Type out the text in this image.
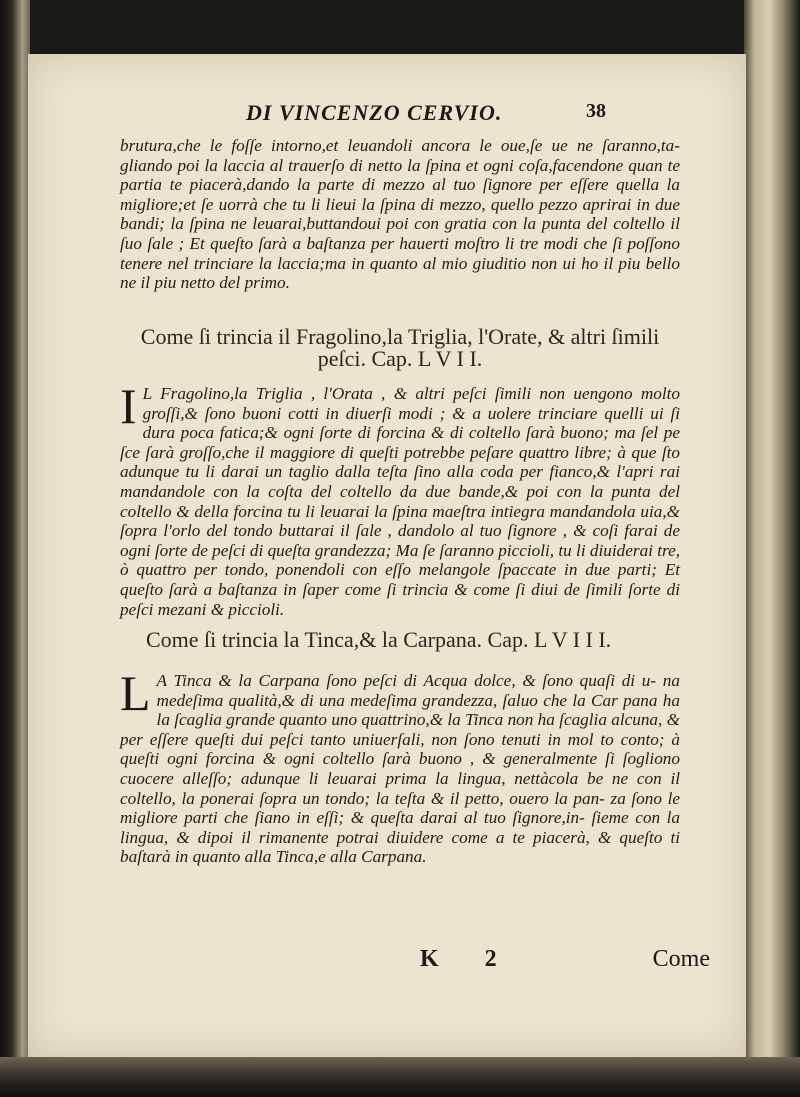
DI VINCENZO CERVIO.	38
brutura,che le foſſe intorno,et leuandoli ancora le oue,ſe ue ne ſaranno,ta- gliando poi la laccia al trauerſo di netto la ſpina et ogni coſa,facendone quan te partia te piacerà,dando la parte di mezzo al tuo ſignore per eſſere quella la migliore;et ſe uorrà che tu li lieui la ſpina di mezzo, quello pezzo aprirai in due bandi; la ſpina ne leuarai,buttandoui poi con gratia con la punta del coltello il ſuo ſale ; Et queſto ſarà a baſtanza per hauerti moſtro li tre modi che ſi poſſono tenere nel trinciare la laccia;ma in quanto al mio giuditio non ui ho il piu bello ne il piu netto del primo.
Come ſi trincia il Fragolino,la Triglia, l'Orate, & altri ſimili
peſci. Cap. L V I I.
I L Fragolino,la Triglia , l'Orata , & altri peſci ſimili non uengono molto groſſi,& ſono buoni cotti in diuerſi modi ; & a uolere trinciare quelli ui ſi dura poca fatica;& ogni ſorte di forcina & di coltello ſarà buono; ma ſel pe ſce ſarà groſſo,che il maggiore di queſti potrebbe peſare quattro libre; à que ſto adunque tu li darai un taglio dalla teſta ſino alla coda per fianco,& l'apri rai mandandole con la coſta del coltello da due bande,& poi con la punta del coltello & della forcina tu li leuarai la ſpina maeſtra intiegra mandandola uia,& ſopra l'orlo del tondo buttarai il ſale , dandolo al tuo ſignore , & coſi farai de ogni ſorte de peſci di queſta grandezza; Ma ſe ſaranno piccioli, tu li diuiderai tre, ò quattro per tondo, ponendoli con eſſo melangole ſpaccate in due parti; Et queſto ſarà a baſtanza in ſaper come ſi trincia & come ſi diui de ſimili ſorte di peſci mezani & piccioli.
Come ſi trincia la Tinca,& la Carpana. Cap. L V I I I.
L A Tinca & la Carpana ſono peſci di Acqua dolce, & ſono quaſi di u- na medeſima qualità,& di una medeſima grandezza, ſaluo che la Car pana ha la ſcaglia grande quanto uno quattrino,& la Tinca non ha ſcaglia alcuna, & per eſſere queſti dui peſci tanto uniuerſali, non ſono tenuti in mol to conto; à queſti ogni forcina & ogni coltello ſarà buono , & generalmente ſi ſogliono cuocere alleſſo; adunque li leuarai prima la lingua, nettàcola be ne con il coltello, la ponerai ſopra un tondo; la teſta & il petto, ouero la pan- za ſono le migliore parti che ſiano in eſſi; & queſta darai al tuo ſignore,in- ſieme con la lingua, & dipoi il rimanente potrai diuidere come a te piacerà, & queſto ti baſtarà in quanto alla Tinca,e alla Carpana.
K 2	Come
